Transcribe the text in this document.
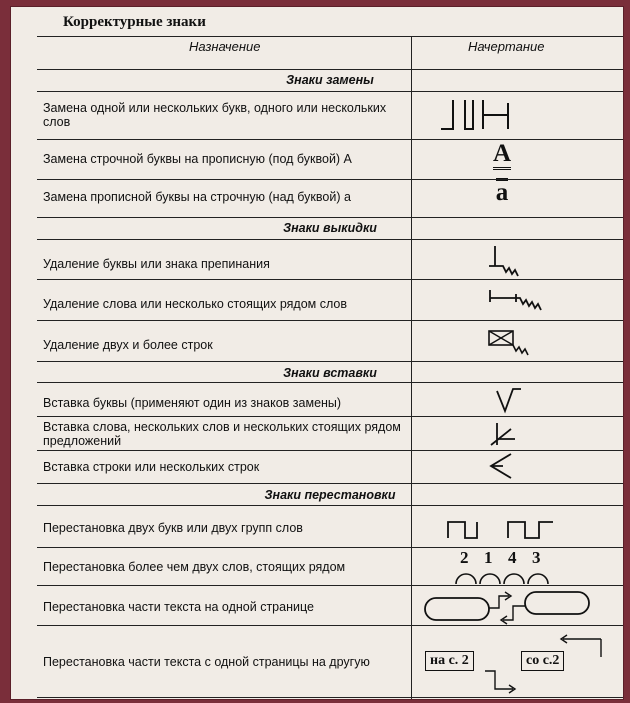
Корректурные знаки
Назначение	Начертание
Знаки замены
Замена одной или нескольких букв, одного или нескольких слов
Замена строчной буквы на прописную (под буквой) А	A
Замена прописной буквы на строчную (над буквой) а	a
Знаки выкидки
Удаление буквы или знака препинания
Удаление слова или несколько стоящих рядом слов
Удаление двух и более строк
Знаки вставки
Вставка буквы (применяют один из знаков замены)
Вставка слова, нескольких слов и нескольких стоящих рядом предложений
Вставка строки или нескольких строк
Знаки перестановки
Перестановка двух букв или двух групп слов
Перестановка более чем двух слов, стоящих рядом	2 1 4 3
Перестановка части текста на одной странице
Перестановка части текста с одной страницы на другую	на с. 2	со с.2
